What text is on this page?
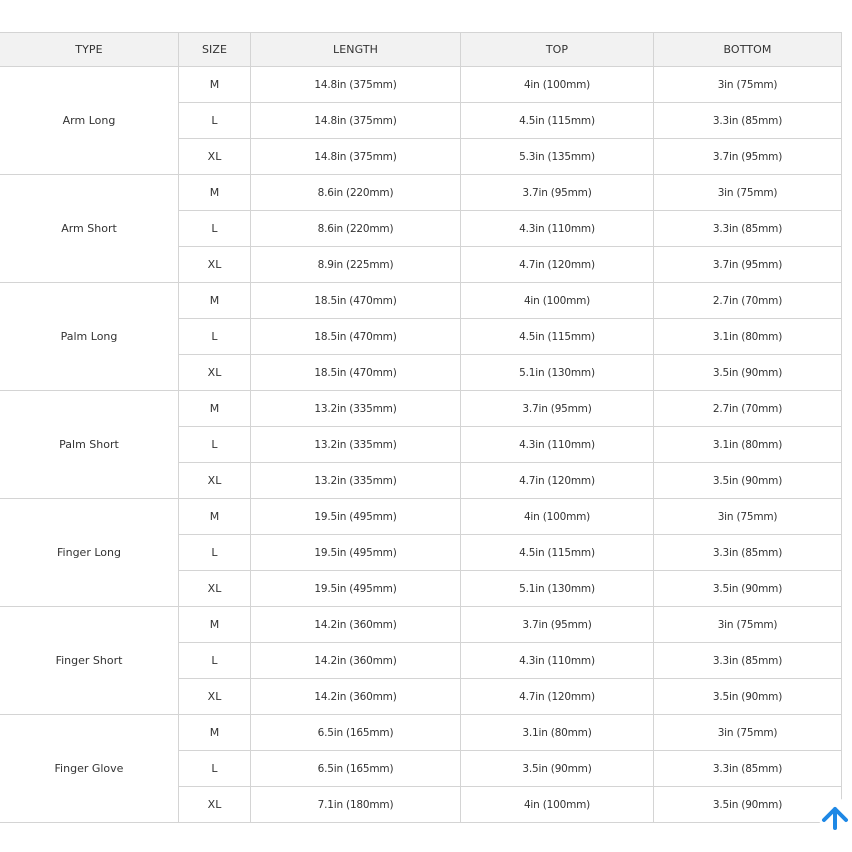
TYPE	SIZE	LENGTH	TOP	BOTTOM
Arm Long	M	14.8in (375mm)	4in (100mm)	3in (75mm)
	L	14.8in (375mm)	4.5in (115mm)	3.3in (85mm)
	XL	14.8in (375mm)	5.3in (135mm)	3.7in (95mm)
Arm Short	M	8.6in (220mm)	3.7in (95mm)	3in (75mm)
	L	8.6in (220mm)	4.3in (110mm)	3.3in (85mm)
	XL	8.9in (225mm)	4.7in (120mm)	3.7in (95mm)
Palm Long	M	18.5in (470mm)	4in (100mm)	2.7in (70mm)
	L	18.5in (470mm)	4.5in (115mm)	3.1in (80mm)
	XL	18.5in (470mm)	5.1in (130mm)	3.5in (90mm)
Palm Short	M	13.2in (335mm)	3.7in (95mm)	2.7in (70mm)
	L	13.2in (335mm)	4.3in (110mm)	3.1in (80mm)
	XL	13.2in (335mm)	4.7in (120mm)	3.5in (90mm)
Finger Long	M	19.5in (495mm)	4in (100mm)	3in (75mm)
	L	19.5in (495mm)	4.5in (115mm)	3.3in (85mm)
	XL	19.5in (495mm)	5.1in (130mm)	3.5in (90mm)
Finger Short	M	14.2in (360mm)	3.7in (95mm)	3in (75mm)
	L	14.2in (360mm)	4.3in (110mm)	3.3in (85mm)
	XL	14.2in (360mm)	4.7in (120mm)	3.5in (90mm)
Finger Glove	M	6.5in (165mm)	3.1in (80mm)	3in (75mm)
	L	6.5in (165mm)	3.5in (90mm)	3.3in (85mm)
	XL	7.1in (180mm)	4in (100mm)	3.5in (90mm)
